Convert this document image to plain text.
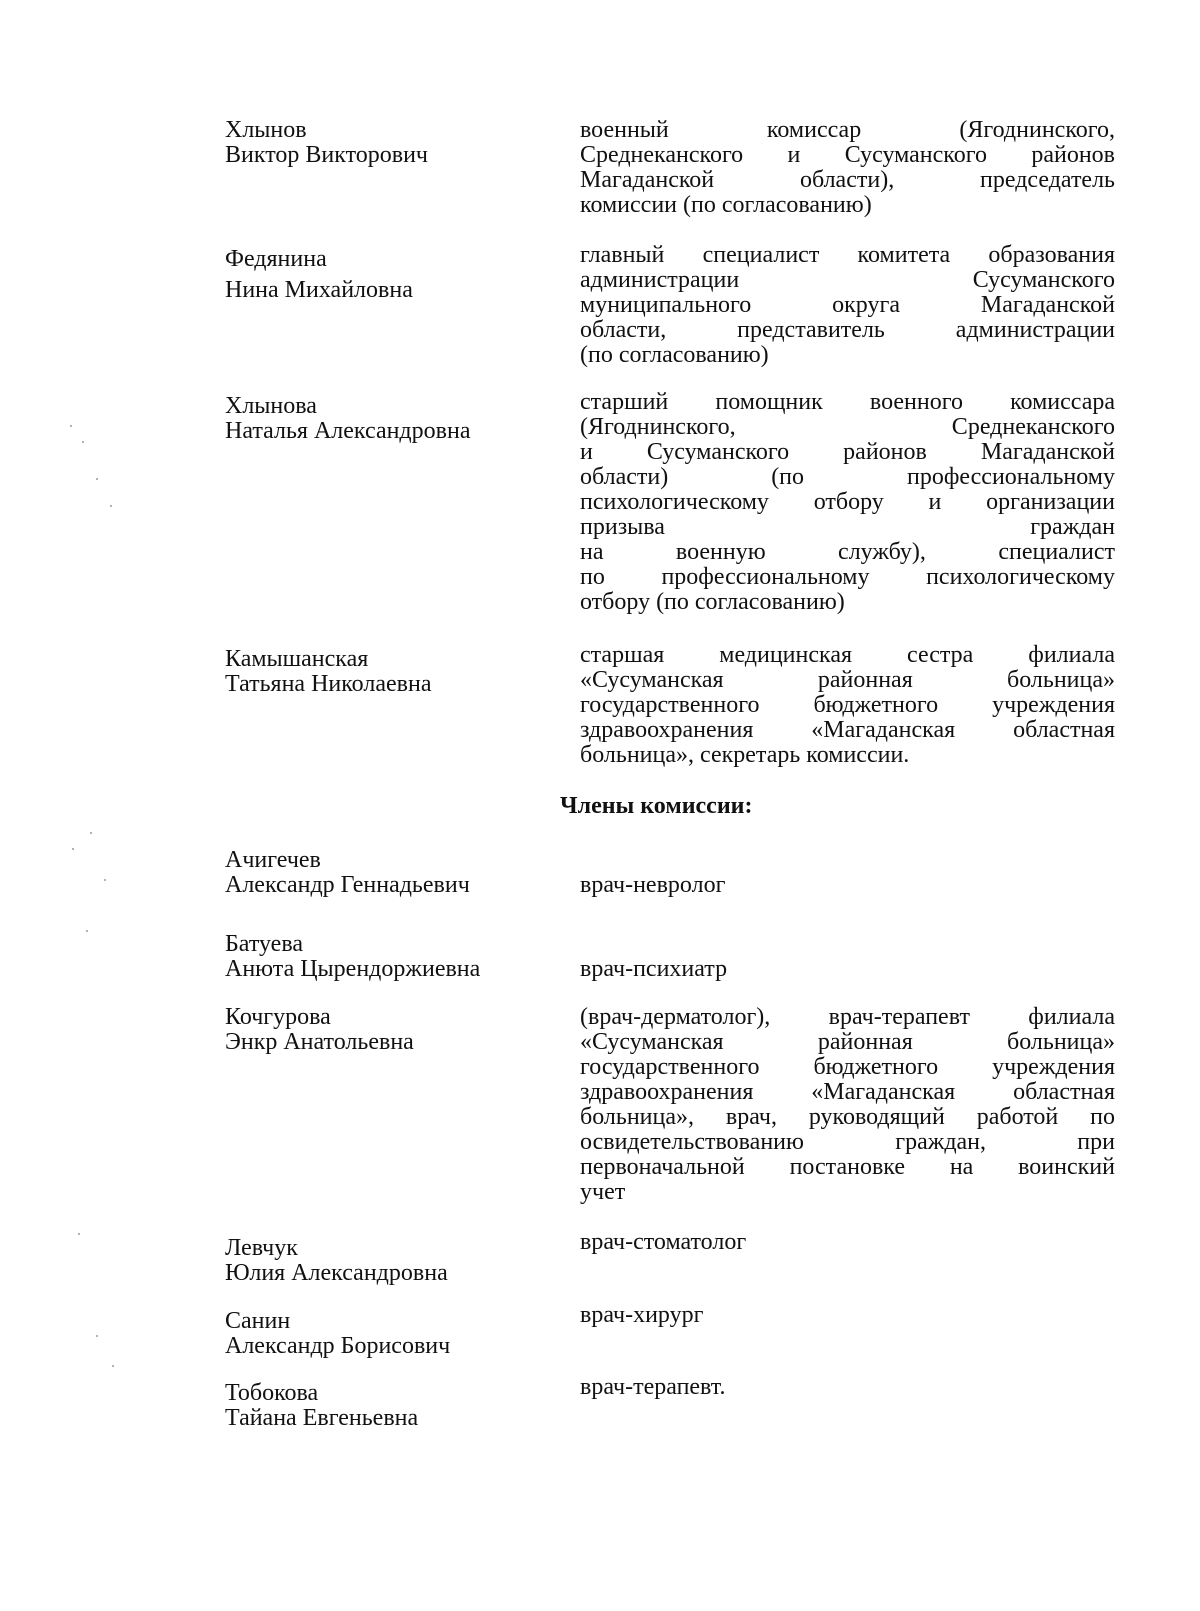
Хлынов
Виктор Викторович
военный комиссар (Ягоднинского,
Среднеканского и Сусуманского районов
Магаданской области), председатель
комиссии (по согласованию)
Федянина
Нина Михайловна
главный специалист комитета образования
администрации Сусуманского
муниципального округа Магаданской
области, представитель администрации
(по согласованию)
Хлынова
Наталья Александровна
старший помощник военного комиссара
(Ягоднинского, Среднеканского
и Сусуманского районов Магаданской
области) (по профессиональному
психологическому отбору и организации
призыва граждан
на военную службу), специалист
по профессиональному психологическому
отбору (по согласованию)
Камышанская
Татьяна Николаевна
старшая медицинская сестра филиала
«Сусуманская районная больница»
государственного бюджетного учреждения
здравоохранения «Магаданская областная
больница», секретарь комиссии.
Члены комиссии:
Ачигечев
Александр Геннадьевич	врач-невролог
Батуева
Анюта Цырендоржиевна	врач-психиатр
Кочгурова
Энкр Анатольевна
(врач-дерматолог), врач-терапевт филиала
«Сусуманская районная больница»
государственного бюджетного учреждения
здравоохранения «Магаданская областная
больница», врач, руководящий работой по
освидетельствованию граждан, при
первоначальной постановке на воинский
учет
Левчук
Юлия Александровна
врач-стоматолог
Санин
Александр Борисович
врач-хирург
Тобокова
Тайана Евгеньевна
врач-терапевт.
